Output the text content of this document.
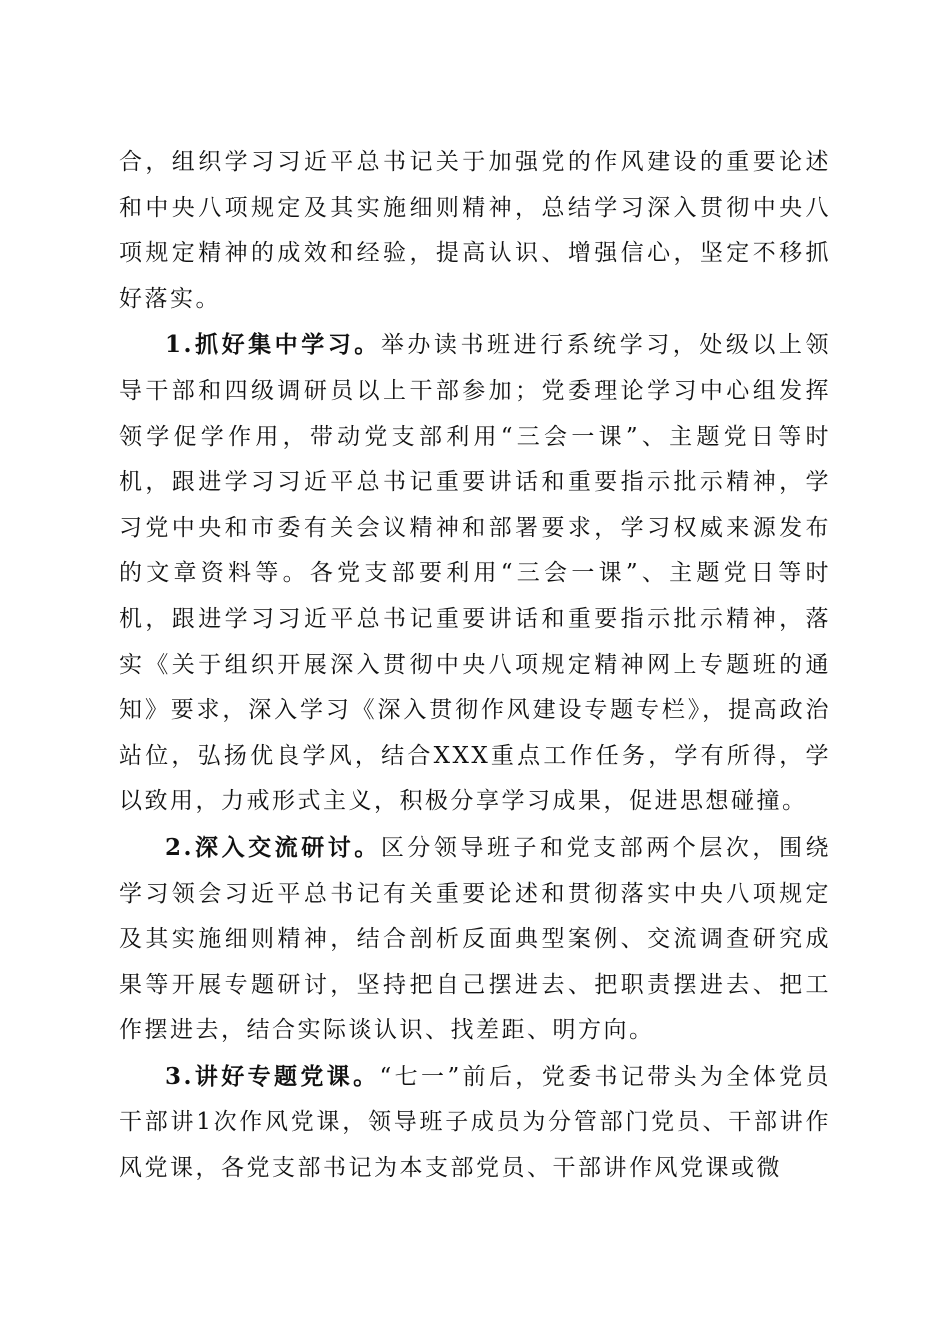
合，组织学习习近平总书记关于加强党的作风建设的重要论述和中央八项规定及其实施细则精神，总结学习深入贯彻中央八项规定精神的成效和经验，提高认识、增强信心，坚定不移抓好落实。

1.抓好集中学习。举办读书班进行系统学习，处级以上领导干部和四级调研员以上干部参加；党委理论学习中心组发挥领学促学作用，带动党支部利用“三会一课”、主题党日等时机，跟进学习习近平总书记重要讲话和重要指示批示精神，学习党中央和市委有关会议精神和部署要求，学习权威来源发布的文章资料等。各党支部要利用“三会一课”、主题党日等时机，跟进学习习近平总书记重要讲话和重要指示批示精神，落实《关于组织开展深入贯彻中央八项规定精神网上专题班的通知》要求，深入学习《深入贯彻作风建设专题专栏》，提高政治站位，弘扬优良学风，结合XXX重点工作任务，学有所得，学以致用，力戒形式主义，积极分享学习成果，促进思想碰撞。

2.深入交流研讨。区分领导班子和党支部两个层次，围绕学习领会习近平总书记有关重要论述和贯彻落实中央八项规定及其实施细则精神，结合剖析反面典型案例、交流调查研究成果等开展专题研讨，坚持把自己摆进去、把职责摆进去、把工作摆进去，结合实际谈认识、找差距、明方向。

3.讲好专题党课。“七一”前后，党委书记带头为全体党员干部讲1次作风党课，领导班子成员为分管部门党员、干部讲作风党课，各党支部书记为本支部党员、干部讲作风党课或微
